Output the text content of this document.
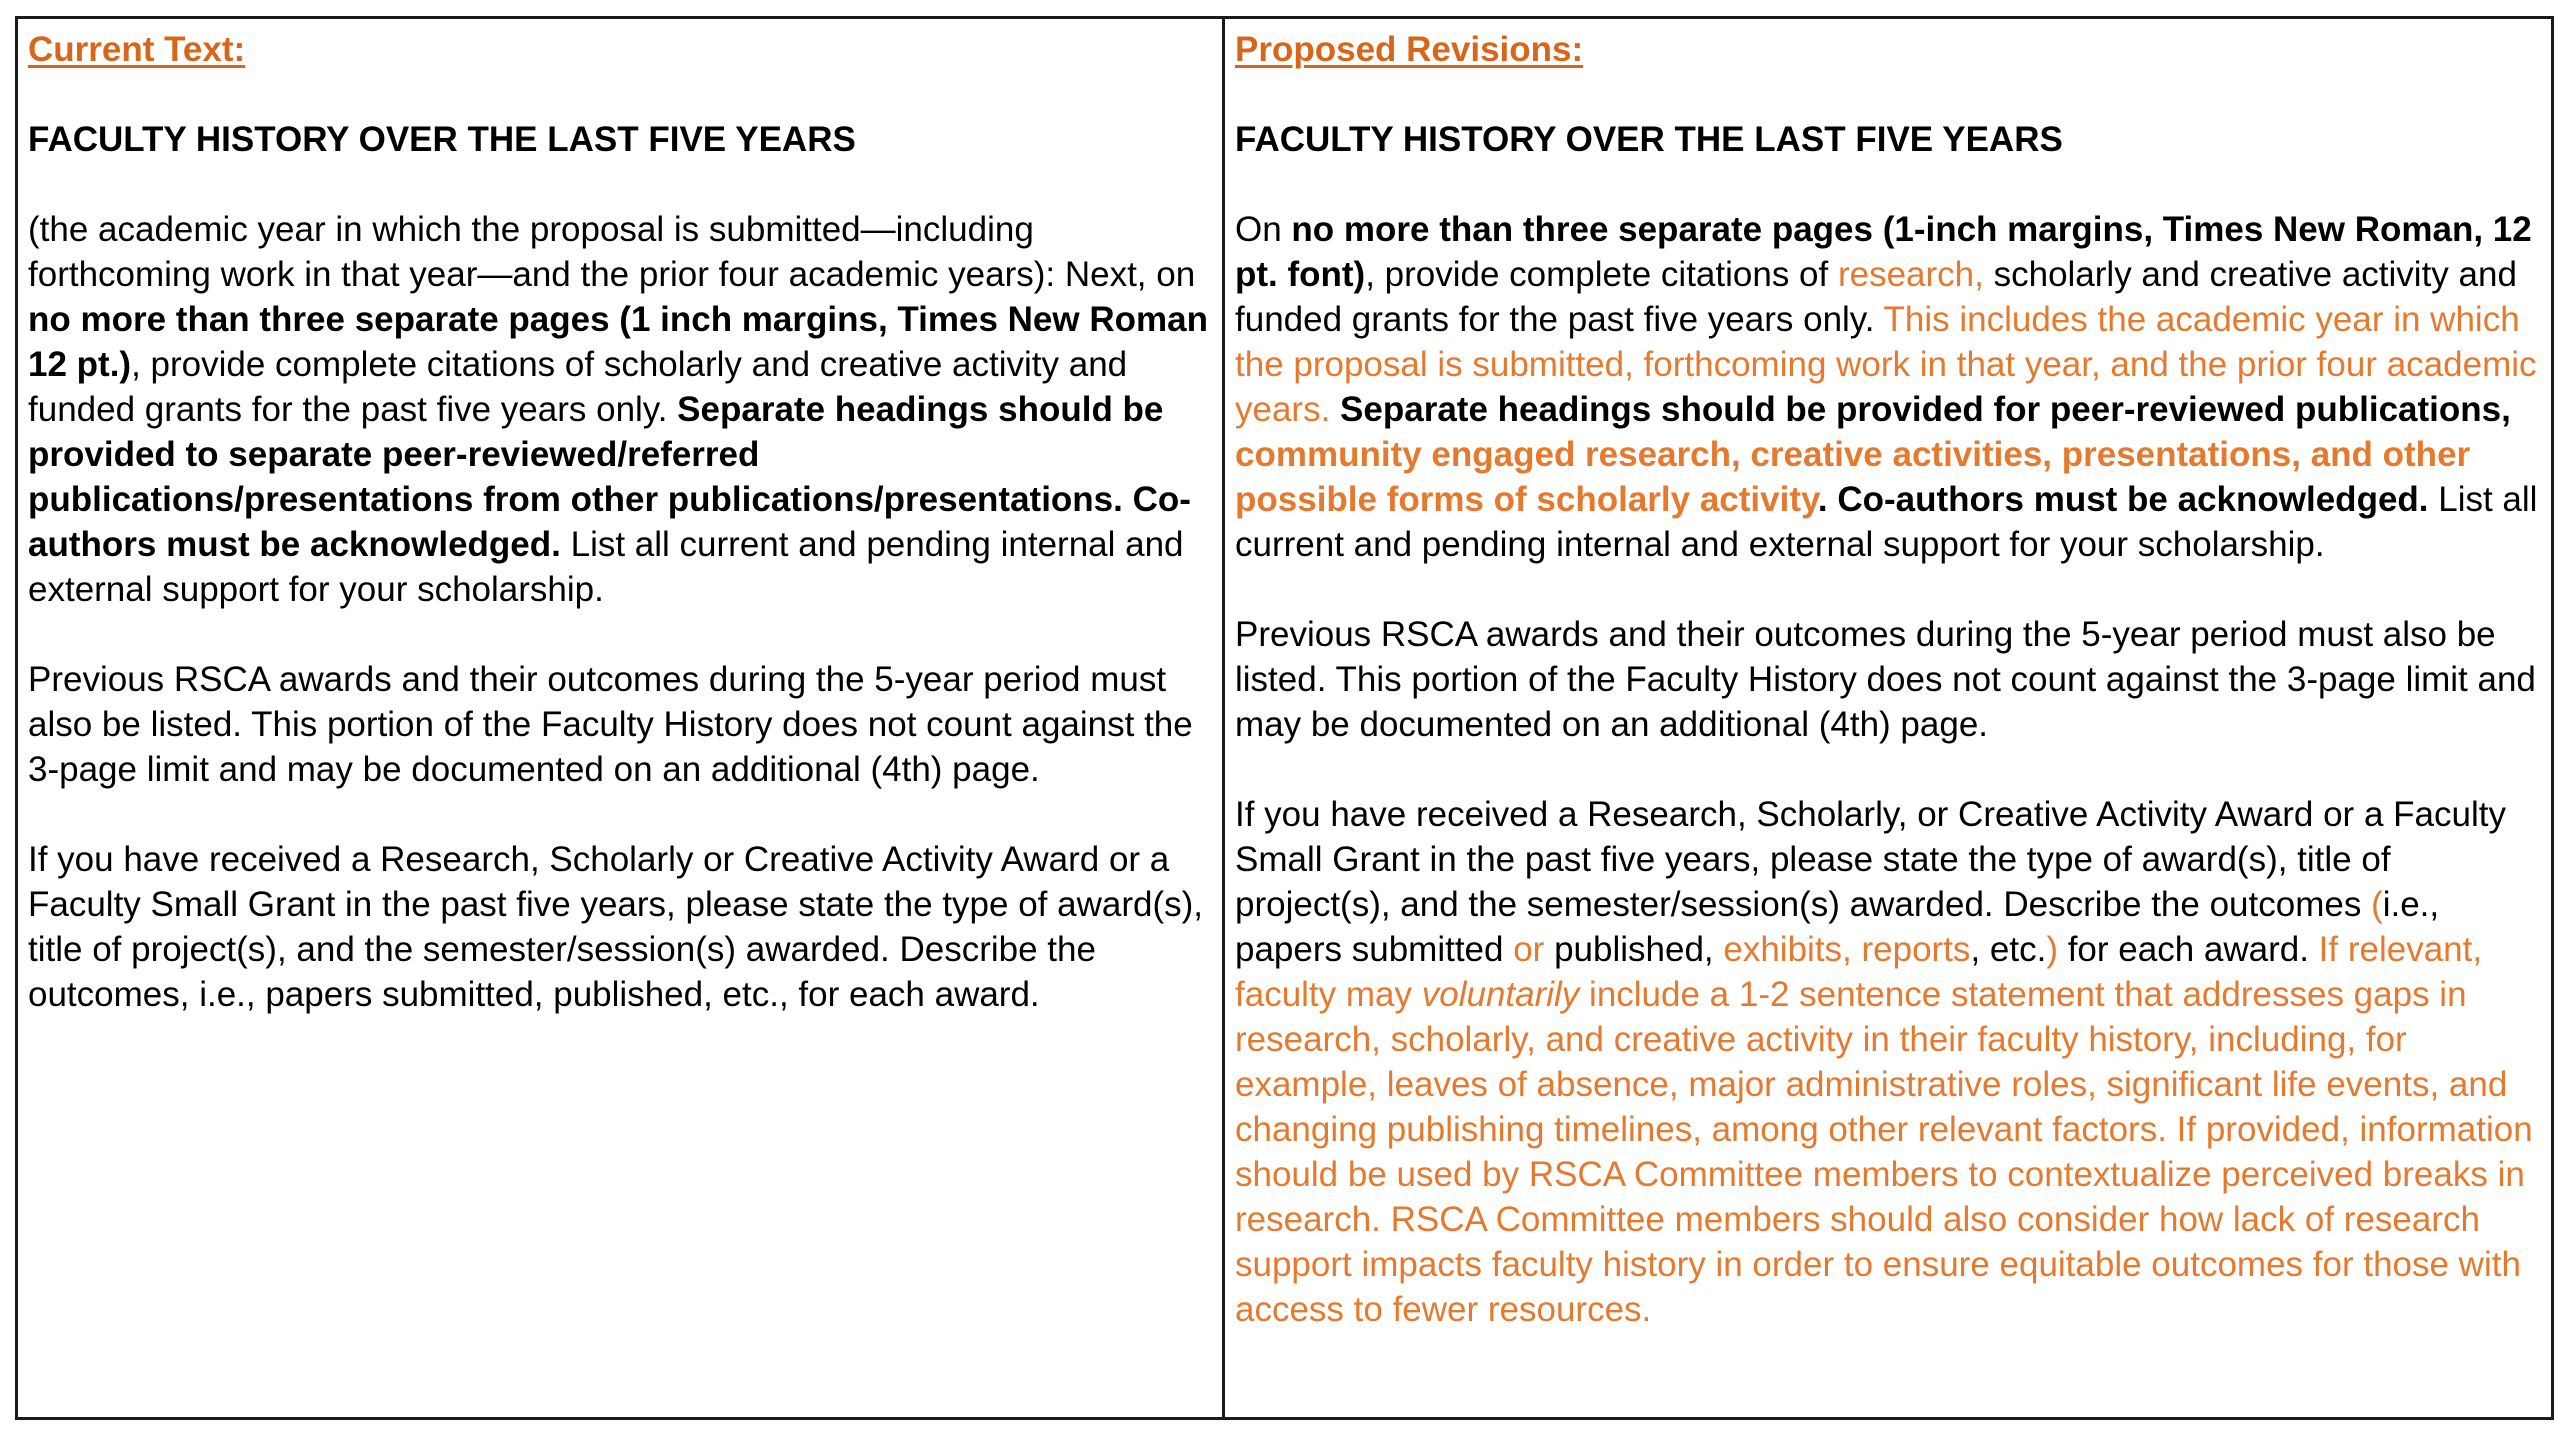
Current Text:
FACULTY HISTORY OVER THE LAST FIVE YEARS

(the academic year in which the proposal is submitted—including forthcoming work in that year—and the prior four academic years): Next, on no more than three separate pages (1 inch margins, Times New Roman 12 pt.), provide complete citations of scholarly and creative activity and funded grants for the past five years only. Separate headings should be provided to separate peer-reviewed/referred publications/presentations from other publications/presentations. Co-authors must be acknowledged. List all current and pending internal and external support for your scholarship.

Previous RSCA awards and their outcomes during the 5-year period must also be listed. This portion of the Faculty History does not count against the 3-page limit and may be documented on an additional (4th) page.

If you have received a Research, Scholarly or Creative Activity Award or a Faculty Small Grant in the past five years, please state the type of award(s), title of project(s), and the semester/session(s) awarded. Describe the outcomes, i.e., papers submitted, published, etc., for each award.

Proposed Revisions:
FACULTY HISTORY OVER THE LAST FIVE YEARS

On no more than three separate pages (1-inch margins, Times New Roman, 12 pt. font), provide complete citations of research, scholarly and creative activity and funded grants for the past five years only. This includes the academic year in which the proposal is submitted, forthcoming work in that year, and the prior four academic years. Separate headings should be provided for peer-reviewed publications, community engaged research, creative activities, presentations, and other possible forms of scholarly activity. Co-authors must be acknowledged. List all current and pending internal and external support for your scholarship.

Previous RSCA awards and their outcomes during the 5-year period must also be listed. This portion of the Faculty History does not count against the 3-page limit and may be documented on an additional (4th) page.

If you have received a Research, Scholarly, or Creative Activity Award or a Faculty Small Grant in the past five years, please state the type of award(s), title of project(s), and the semester/session(s) awarded. Describe the outcomes (i.e., papers submitted or published, exhibits, reports, etc.) for each award. If relevant, faculty may voluntarily include a 1-2 sentence statement that addresses gaps in research, scholarly, and creative activity in their faculty history, including, for example, leaves of absence, major administrative roles, significant life events, and changing publishing timelines, among other relevant factors. If provided, information should be used by RSCA Committee members to contextualize perceived breaks in research. RSCA Committee members should also consider how lack of research support impacts faculty history in order to ensure equitable outcomes for those with access to fewer resources.
